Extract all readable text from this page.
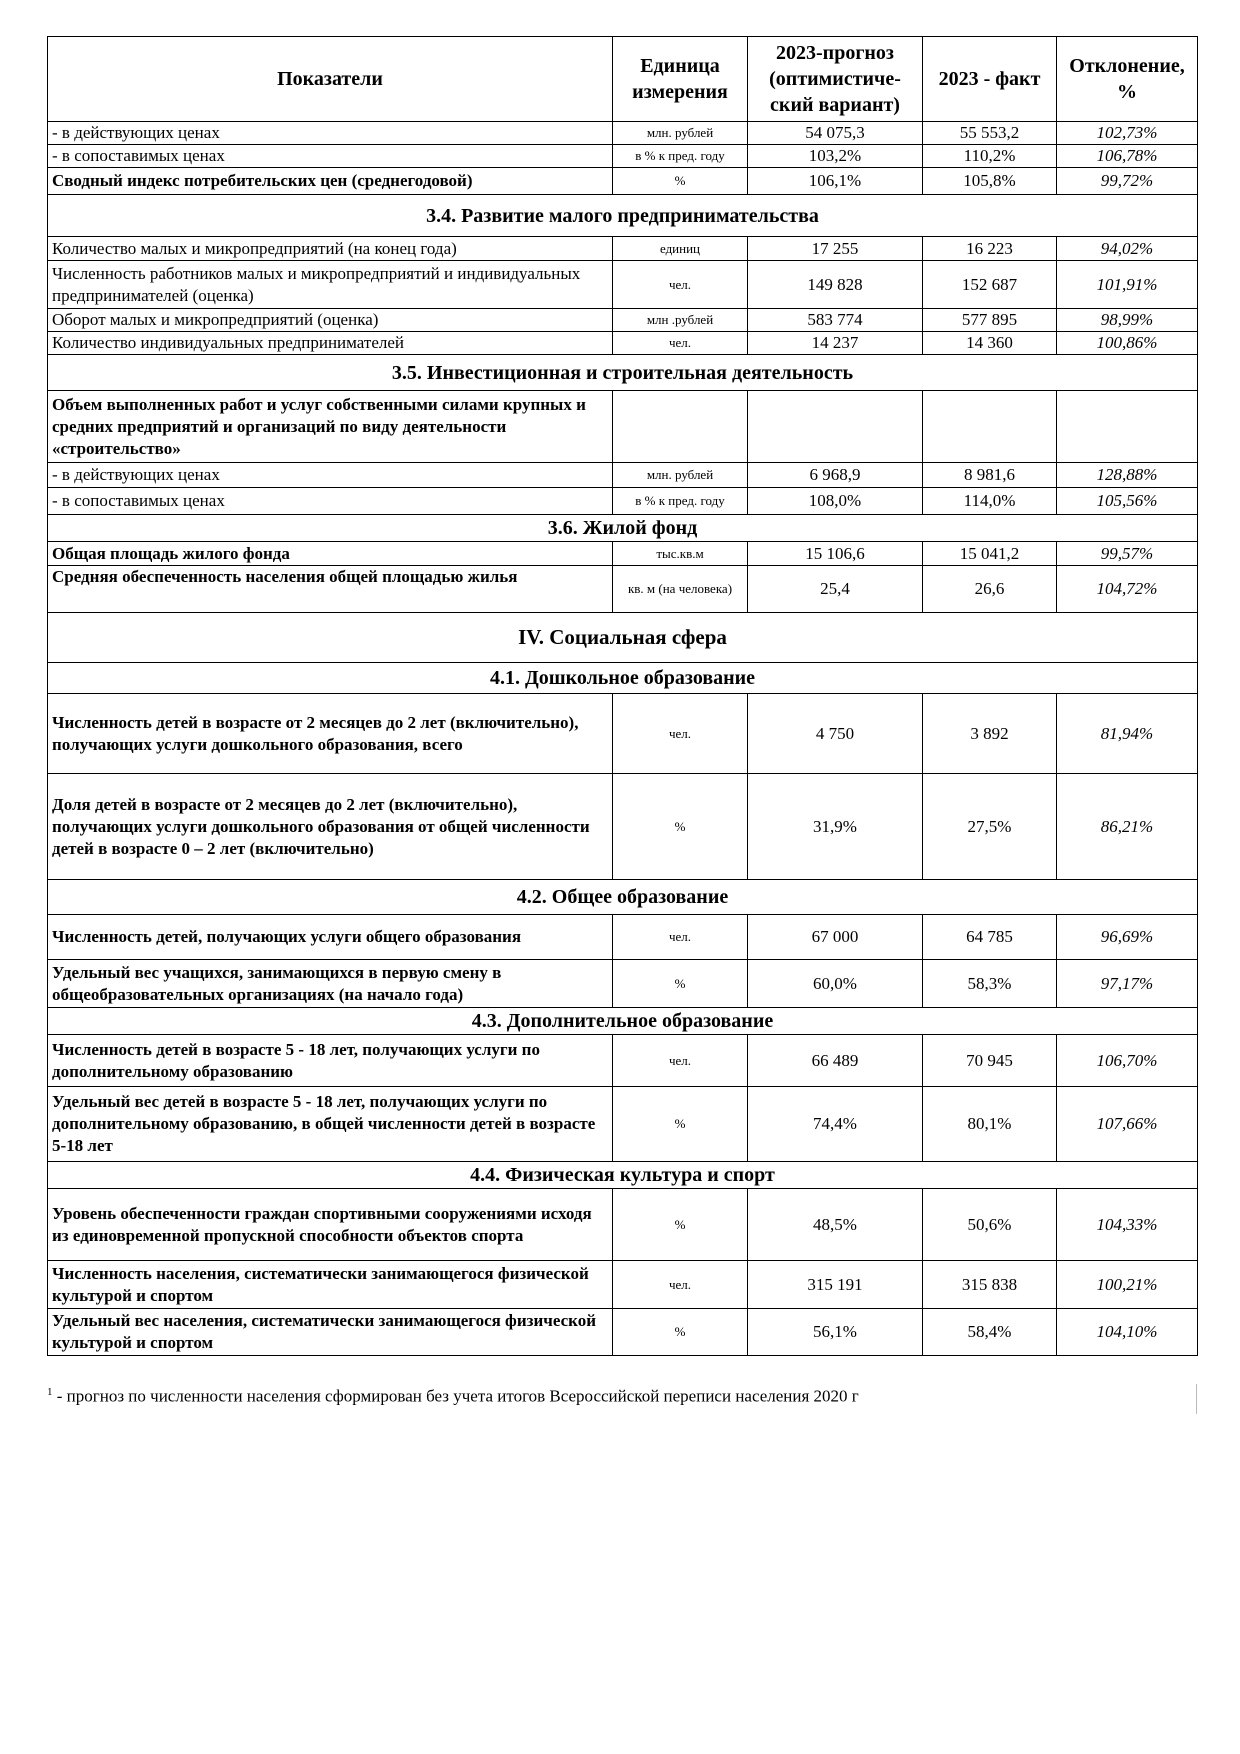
Показатели	Единица измерения	2023-прогноз (оптимистиче-ский вариант)	2023 - факт	Отклонение, %
- в действующих ценах	млн. рублей	54 075,3	55 553,2	102,73%
- в сопоставимых ценах	в % к пред. году	103,2%	110,2%	106,78%
Сводный индекс потребительских цен (среднегодовой)	%	106,1%	105,8%	99,72%
3.4. Развитие малого предпринимательства				
Количество малых и микропредприятий (на конец года)	единиц	17 255	16 223	94,02%
Численность работников малых и микропредприятий и индивидуальных предпринимателей (оценка)	чел.	149 828	152 687	101,91%
Оборот малых и микропредприятий (оценка)	млн .рублей	583 774	577 895	98,99%
Количество индивидуальных предпринимателей	чел.	14 237	14 360	100,86%
3.5. Инвестиционная и строительная деятельность				
Объем выполненных работ и услуг собственными силами крупных и средних предприятий и организаций по виду деятельности «строительство»				
- в действующих ценах	млн. рублей	6 968,9	8 981,6	128,88%
- в сопоставимых ценах	в % к пред. году	108,0%	114,0%	105,56%
3.6. Жилой фонд				
Общая площадь жилого фонда	тыс.кв.м	15 106,6	15 041,2	99,57%
Средняя обеспеченность населения общей площадью жилья	кв. м (на человека)	25,4	26,6	104,72%
IV. Социальная сфера				
4.1. Дошкольное образование				
Численность детей в возрасте от 2 месяцев до 2 лет (включительно), получающих услуги дошкольного образования, всего	чел.	4 750	3 892	81,94%
Доля детей в возрасте от 2 месяцев до 2 лет (включительно), получающих услуги дошкольного образования от общей численности детей в возрасте 0 – 2 лет (включительно)	%	31,9%	27,5%	86,21%
4.2. Общее образование				
Численность детей, получающих услуги общего образования	чел.	67 000	64 785	96,69%
Удельный вес учащихся, занимающихся в первую смену в общеобразовательных организациях (на начало года)	%	60,0%	58,3%	97,17%
4.3. Дополнительное образование				
Численность детей в возрасте 5 - 18 лет, получающих услуги по дополнительному образованию	чел.	66 489	70 945	106,70%
Удельный вес детей в возрасте 5 - 18 лет, получающих услуги по дополнительному образованию, в общей численности детей в возрасте 5-18 лет	%	74,4%	80,1%	107,66%
4.4. Физическая культура и спорт				
Уровень обеспеченности граждан спортивными сооружениями исходя из единовременной пропускной способности объектов спорта	%	48,5%	50,6%	104,33%
Численность населения, систематически занимающегося физической культурой и спортом	чел.	315 191	315 838	100,21%
Удельный вес населения, систематически занимающегося физической культурой и спортом	%	56,1%	58,4%	104,10%
$^1$ - прогноз по численности населения сформирован без учета итогов Всероссийской переписи населения 2020 г
